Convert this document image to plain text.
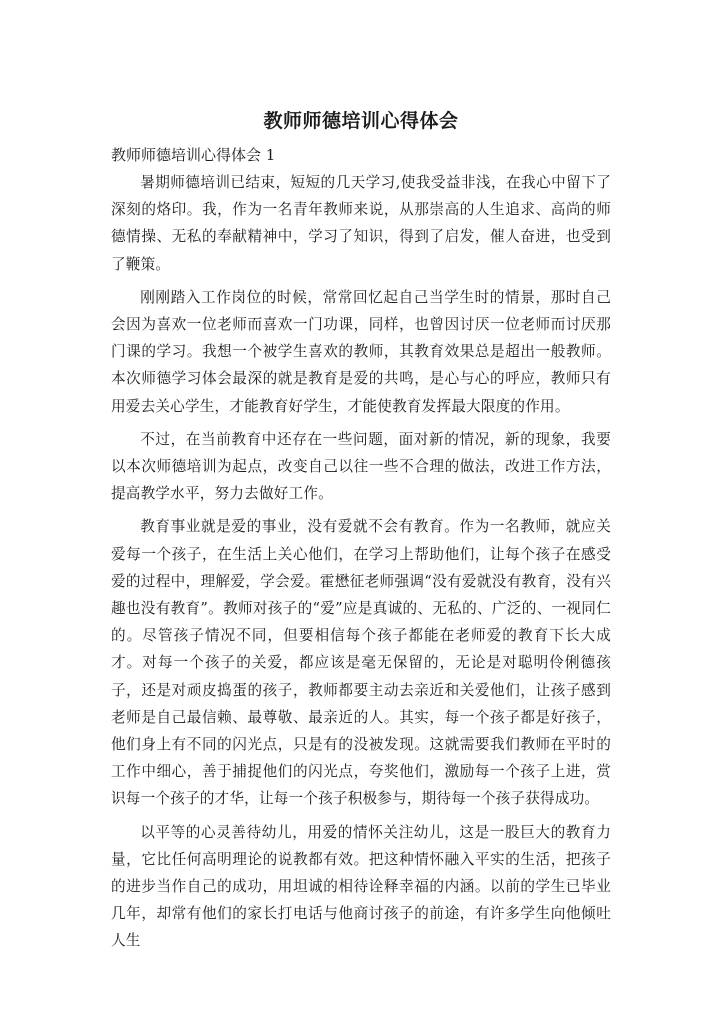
教师师德培训心得体会

教师师德培训心得体会 1

暑期师德培训已结束，短短的几天学习,使我受益非浅，在我心中留下了深刻的烙印。我，作为一名青年教师来说，从那崇高的人生追求、高尚的师德情操、无私的奉献精神中，学习了知识，得到了启发，催人奋进，也受到了鞭策。

刚刚踏入工作岗位的时候，常常回忆起自己当学生时的情景，那时自己会因为喜欢一位老师而喜欢一门功课，同样，也曾因讨厌一位老师而讨厌那门课的学习。我想一个被学生喜欢的教师，其教育效果总是超出一般教师。本次师德学习体会最深的就是教育是爱的共鸣，是心与心的呼应，教师只有用爱去关心学生，才能教育好学生，才能使教育发挥最大限度的作用。

不过，在当前教育中还存在一些问题，面对新的情况，新的现象，我要以本次师德培训为起点，改变自己以往一些不合理的做法，改进工作方法，提高教学水平，努力去做好工作。

教育事业就是爱的事业，没有爱就不会有教育。作为一名教师，就应关爱每一个孩子，在生活上关心他们，在学习上帮助他们，让每个孩子在感受爱的过程中，理解爱，学会爱。霍懋征老师强调“没有爱就没有教育，没有兴趣也没有教育”。教师对孩子的“爱”应是真诚的、无私的、广泛的、一视同仁的。尽管孩子情况不同，但要相信每个孩子都能在老师爱的教育下长大成才。对每一个孩子的关爱，都应该是毫无保留的，无论是对聪明伶俐德孩子，还是对顽皮捣蛋的孩子，教师都要主动去亲近和关爱他们，让孩子感到老师是自己最信赖、最尊敬、最亲近的人。其实，每一个孩子都是好孩子，他们身上有不同的闪光点，只是有的没被发现。这就需要我们教师在平时的工作中细心，善于捕捉他们的闪光点，夸奖他们，激励每一个孩子上进，赏识每一个孩子的才华，让每一个孩子积极参与，期待每一个孩子获得成功。

以平等的心灵善待幼儿，用爱的情怀关注幼儿，这是一股巨大的教育力量，它比任何高明理论的说教都有效。把这种情怀融入平实的生活，把孩子的进步当作自己的成功，用坦诚的相待诠释幸福的内涵。以前的学生已毕业几年，却常有他们的家长打电话与他商讨孩子的前途，有许多学生向他倾吐人生
